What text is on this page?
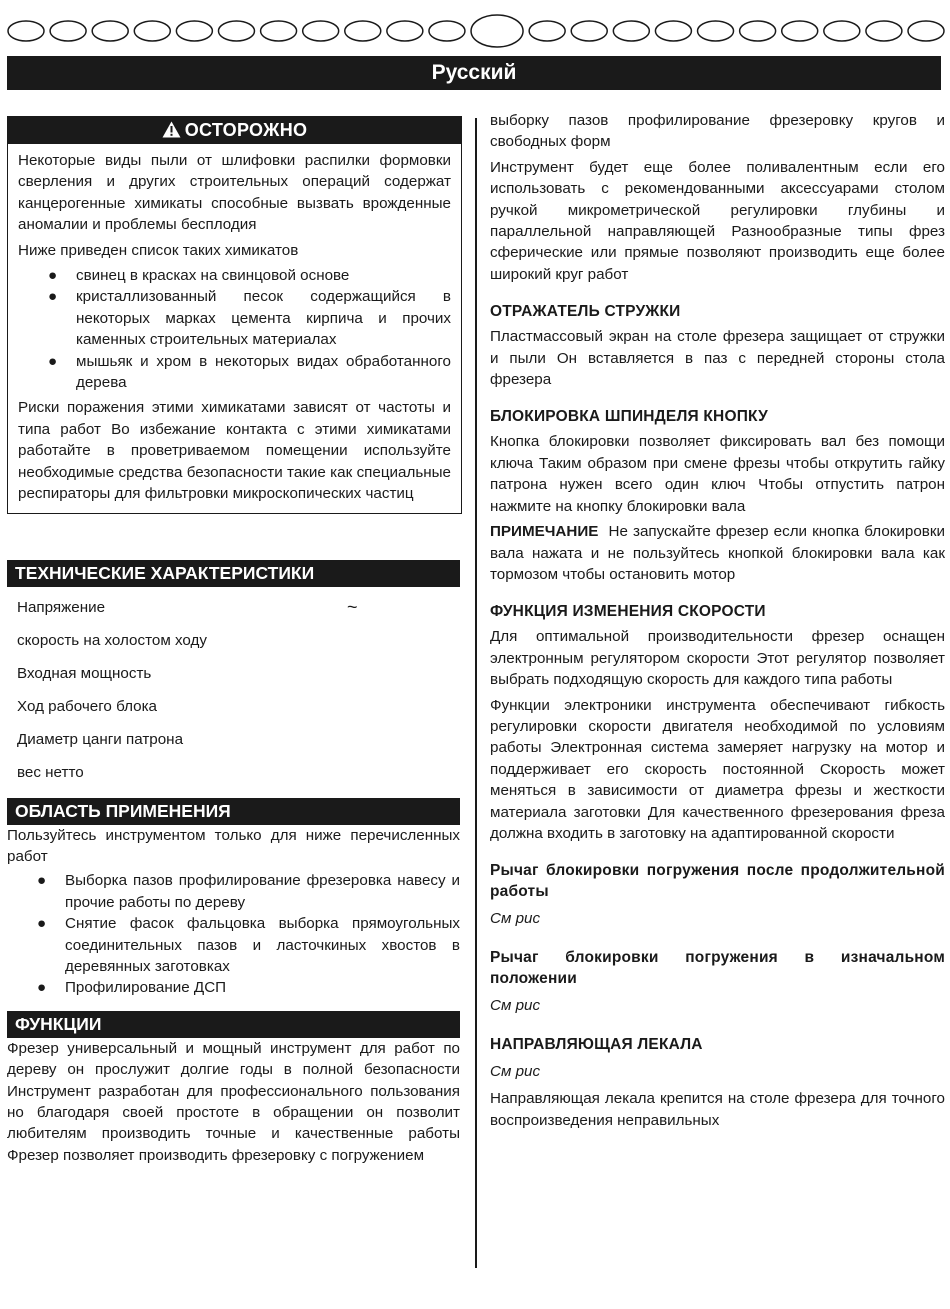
Русский
ОСТОРОЖНО

Некоторые виды пыли от шлифовки распилки формовки сверления и других строительных операций содержат канцерогенные химикаты способные вызвать врожденные аномалии и проблемы бесплодия

Ниже приведен список таких химикатов

● свинец в красках на свинцовой основе
● кристаллизованный песок содержащийся в некоторых марках цемента кирпича и прочих каменных строительных материалах
● мышьяк и хром в некоторых видах обработанного дерева

Риски поражения этими химикатами зависят от частоты и типа работ Во избежание контакта с этими химикатами работайте в проветриваемом помещении используйте необходимые средства безопасности такие как специальные респираторы для фильтровки микроскопических частиц

ТЕХНИЧЕСКИЕ ХАРАКТЕРИСТИКИ
Напряжение	~
скорость на холостом ходу
Входная мощность
Ход рабочего блока
Диаметр цанги патрона
вес нетто
ОБЛАСТЬ ПРИМЕНЕНИЯ

Пользуйтесь инструментом только для ниже перечисленных работ

● Выборка пазов профилирование фрезеровка навесу и прочие работы по дереву
● Снятие фасок фальцовка выборка прямоугольных соединительных пазов и ласточкиных хвостов в деревянных заготовках
● Профилирование ДСП
ФУНКЦИИ

Фрезер универсальный и мощный инструмент для работ по дереву он прослужит долгие годы в полной безопасности Инструмент разработан для профессионального пользования но благодаря своей простоте в обращении он позволит любителям производить точные и качественные работы Фрезер позволяет производить фрезеровку с погружением

выборку пазов профилирование фрезеровку кругов и свободных форм

Инструмент будет еще более поливалентным если его использовать с рекомендованными аксессуарами столом ручкой микрометрической регулировки глубины и параллельной направляющей Разнообразные типы фрез сферические или прямые позволяют производить еще более широкий круг работ

ОТРАЖАТЕЛЬ СТРУЖКИ

Пластмассовый экран на столе фрезера защищает от стружки и пыли Он вставляется в паз с передней стороны стола фрезера

БЛОКИРОВКА ШПИНДЕЛЯ КНОПКУ

Кнопка блокировки позволяет фиксировать вал без помощи ключа Таким образом при смене фрезы чтобы открутить гайку патрона нужен всего один ключ Чтобы отпустить патрон нажмите на кнопку блокировки вала

ПРИМЕЧАНИЕ Не запускайте фрезер если кнопка блокировки вала нажата и не пользуйтесь кнопкой блокировки вала как тормозом чтобы остановить мотор

ФУНКЦИЯ ИЗМЕНЕНИЯ СКОРОСТИ

Для оптимальной производительности фрезер оснащен электронным регулятором скорости Этот регулятор позволяет выбрать подходящую скорость для каждого типа работы

Функции электроники инструмента обеспечивают гибкость регулировки скорости двигателя необходимой по условиям работы Электронная система замеряет нагрузку на мотор и поддерживает его скорость постоянной Скорость может меняться в зависимости от диаметра фрезы и жесткости материала заготовки Для качественного фрезерования фреза должна входить в заготовку на адаптированной скорости

Рычаг блокировки погружения после продолжительной работы
См рис
Рычаг блокировки погружения в изначальном положении
См рис
НАПРАВЛЯЮЩАЯ ЛЕКАЛА
См рис

Направляющая лекала крепится на столе фрезера для точного воспроизведения неправильных
